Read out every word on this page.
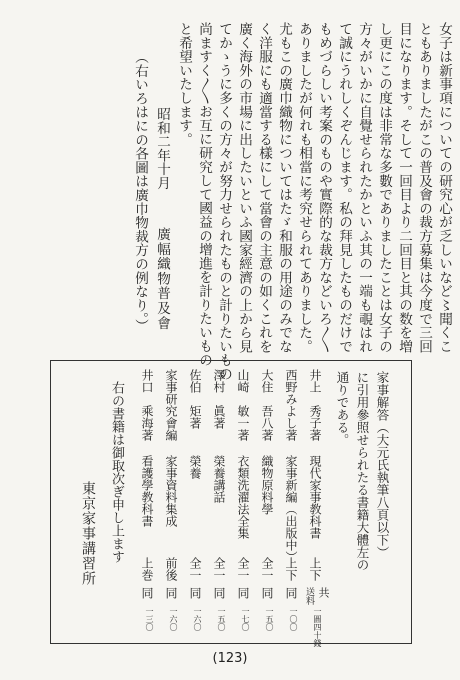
女子は新事項についての研究心が乏しいなど〻聞くこ
ともありましたがこの普及會の裁方募集は今度で三回
目になります。そして一回目より二回目と其の数を増
し更にこの度は非常な多數でありましたことは女子の
方々がいかに自覺せられたかといふ其の一端も覗はれ
て誠にうれしくぞんじます。私の拜見したものだけで
もめづらしい考案のものや實際的な裁方などいろ〳〵
ありましたが何れも相當に考究せられてありました。
尤もこの廣巾織物についてはたゞ和服の用途のみでな
く洋服にも適當する樣にして當會の主意の如くこれを
廣く海外の市場に出したいといふ國家經濟の上から見
てかゝうに多くの方々が努力せられたものと計りたいもの
尚ますく〳〵お互に研究して國益の增進を計りたいもの
と希望いたします。
昭和二年十月
廣幅織物普及會
（右いろはにの各圖は廣巾物裁方の例なり。）
家事解答（大元氏執筆八頁以下）
に引用參照せられたる書籍大體左の
通りである。
井上　秀子著
現代家事教科書
上下
共
送料
一圓四十錢
西野みよし著
家事新編（出版中）
上下
同
一〇〇
大住　吾八著
織物原料學
全一
同
一五〇
山崎　敏一著
衣類洗濯法全集
全一
同
一七〇
澤村　眞著
榮養講話
全一
同
一五〇
佐伯　矩著
榮養
全一
同
一六〇
家事研究會編
家事資料集成
前後
同
一六〇
井口　乘海著
看護學教科書
上巻
同
一三〇
右の書籍は御取次ぎ申し上ます
東京家事講習所
(123)
